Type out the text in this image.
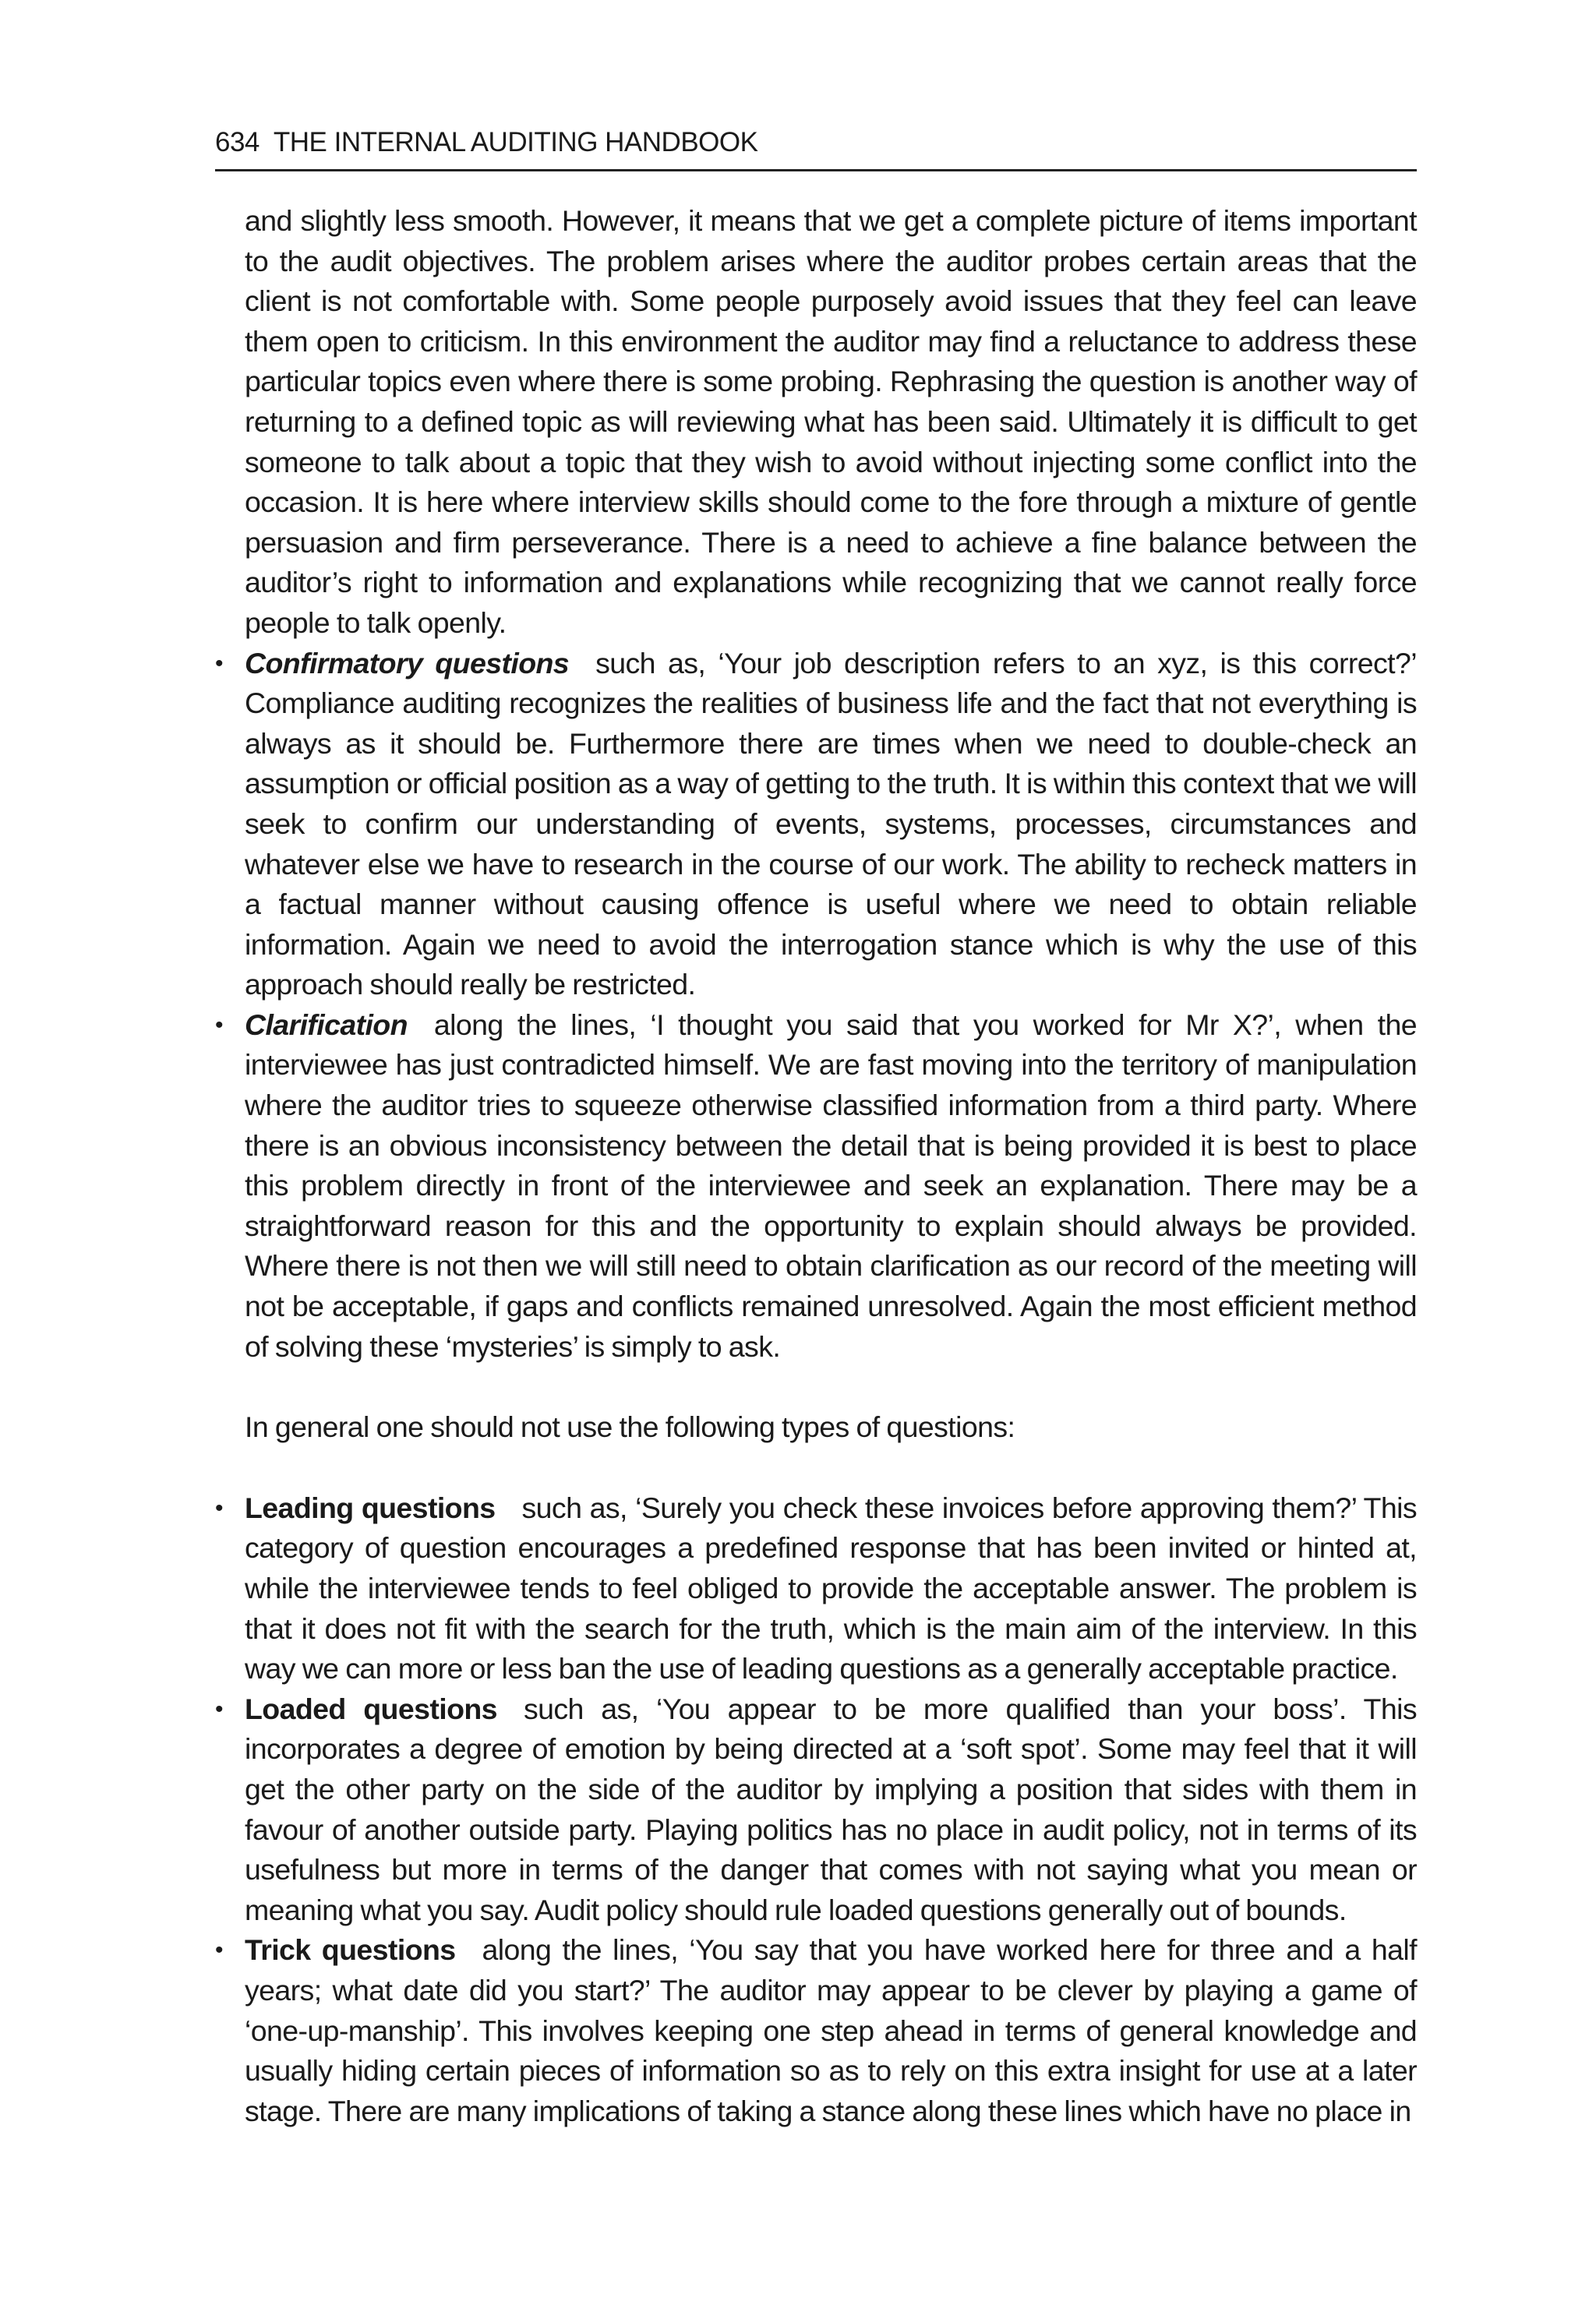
634 THE INTERNAL AUDITING HANDBOOK

and slightly less smooth. However, it means that we get a complete picture of items important to the audit objectives. The problem arises where the auditor probes certain areas that the client is not comfortable with. Some people purposely avoid issues that they feel can leave them open to criticism. In this environment the auditor may find a reluctance to address these particular topics even where there is some probing. Rephrasing the question is another way of returning to a defined topic as will reviewing what has been said. Ultimately it is difficult to get someone to talk about a topic that they wish to avoid without injecting some conflict into the occasion. It is here where interview skills should come to the fore through a mixture of gentle persuasion and firm perseverance. There is a need to achieve a fine balance between the auditor’s right to information and explanations while recognizing that we cannot really force people to talk openly.

• Confirmatory questions such as, ‘Your job description refers to an xyz, is this correct?’ Compliance auditing recognizes the realities of business life and the fact that not everything is always as it should be. Furthermore there are times when we need to double-check an assumption or official position as a way of getting to the truth. It is within this context that we will seek to confirm our understanding of events, systems, processes, circumstances and whatever else we have to research in the course of our work. The ability to recheck matters in a factual manner without causing offence is useful where we need to obtain reliable information. Again we need to avoid the interrogation stance which is why the use of this approach should really be restricted.
• Clarification along the lines, ‘I thought you said that you worked for Mr X?’, when the interviewee has just contradicted himself. We are fast moving into the territory of manipulation where the auditor tries to squeeze otherwise classified information from a third party. Where there is an obvious inconsistency between the detail that is being provided it is best to place this problem directly in front of the interviewee and seek an explanation. There may be a straightforward reason for this and the opportunity to explain should always be provided. Where there is not then we will still need to obtain clarification as our record of the meeting will not be acceptable, if gaps and conflicts remained unresolved. Again the most efficient method of solving these ‘mysteries’ is simply to ask.

In general one should not use the following types of questions:

• Leading questions such as, ‘Surely you check these invoices before approving them?’ This category of question encourages a predefined response that has been invited or hinted at, while the interviewee tends to feel obliged to provide the acceptable answer. The problem is that it does not fit with the search for the truth, which is the main aim of the interview. In this way we can more or less ban the use of leading questions as a generally acceptable practice.
• Loaded questions such as, ‘You appear to be more qualified than your boss’. This incorporates a degree of emotion by being directed at a ‘soft spot’. Some may feel that it will get the other party on the side of the auditor by implying a position that sides with them in favour of another outside party. Playing politics has no place in audit policy, not in terms of its usefulness but more in terms of the danger that comes with not saying what you mean or meaning what you say. Audit policy should rule loaded questions generally out of bounds.
• Trick questions along the lines, ‘You say that you have worked here for three and a half years; what date did you start?’ The auditor may appear to be clever by playing a game of ‘one-up-manship’. This involves keeping one step ahead in terms of general knowledge and usually hiding certain pieces of information so as to rely on this extra insight for use at a later stage. There are many implications of taking a stance along these lines which have no place in
